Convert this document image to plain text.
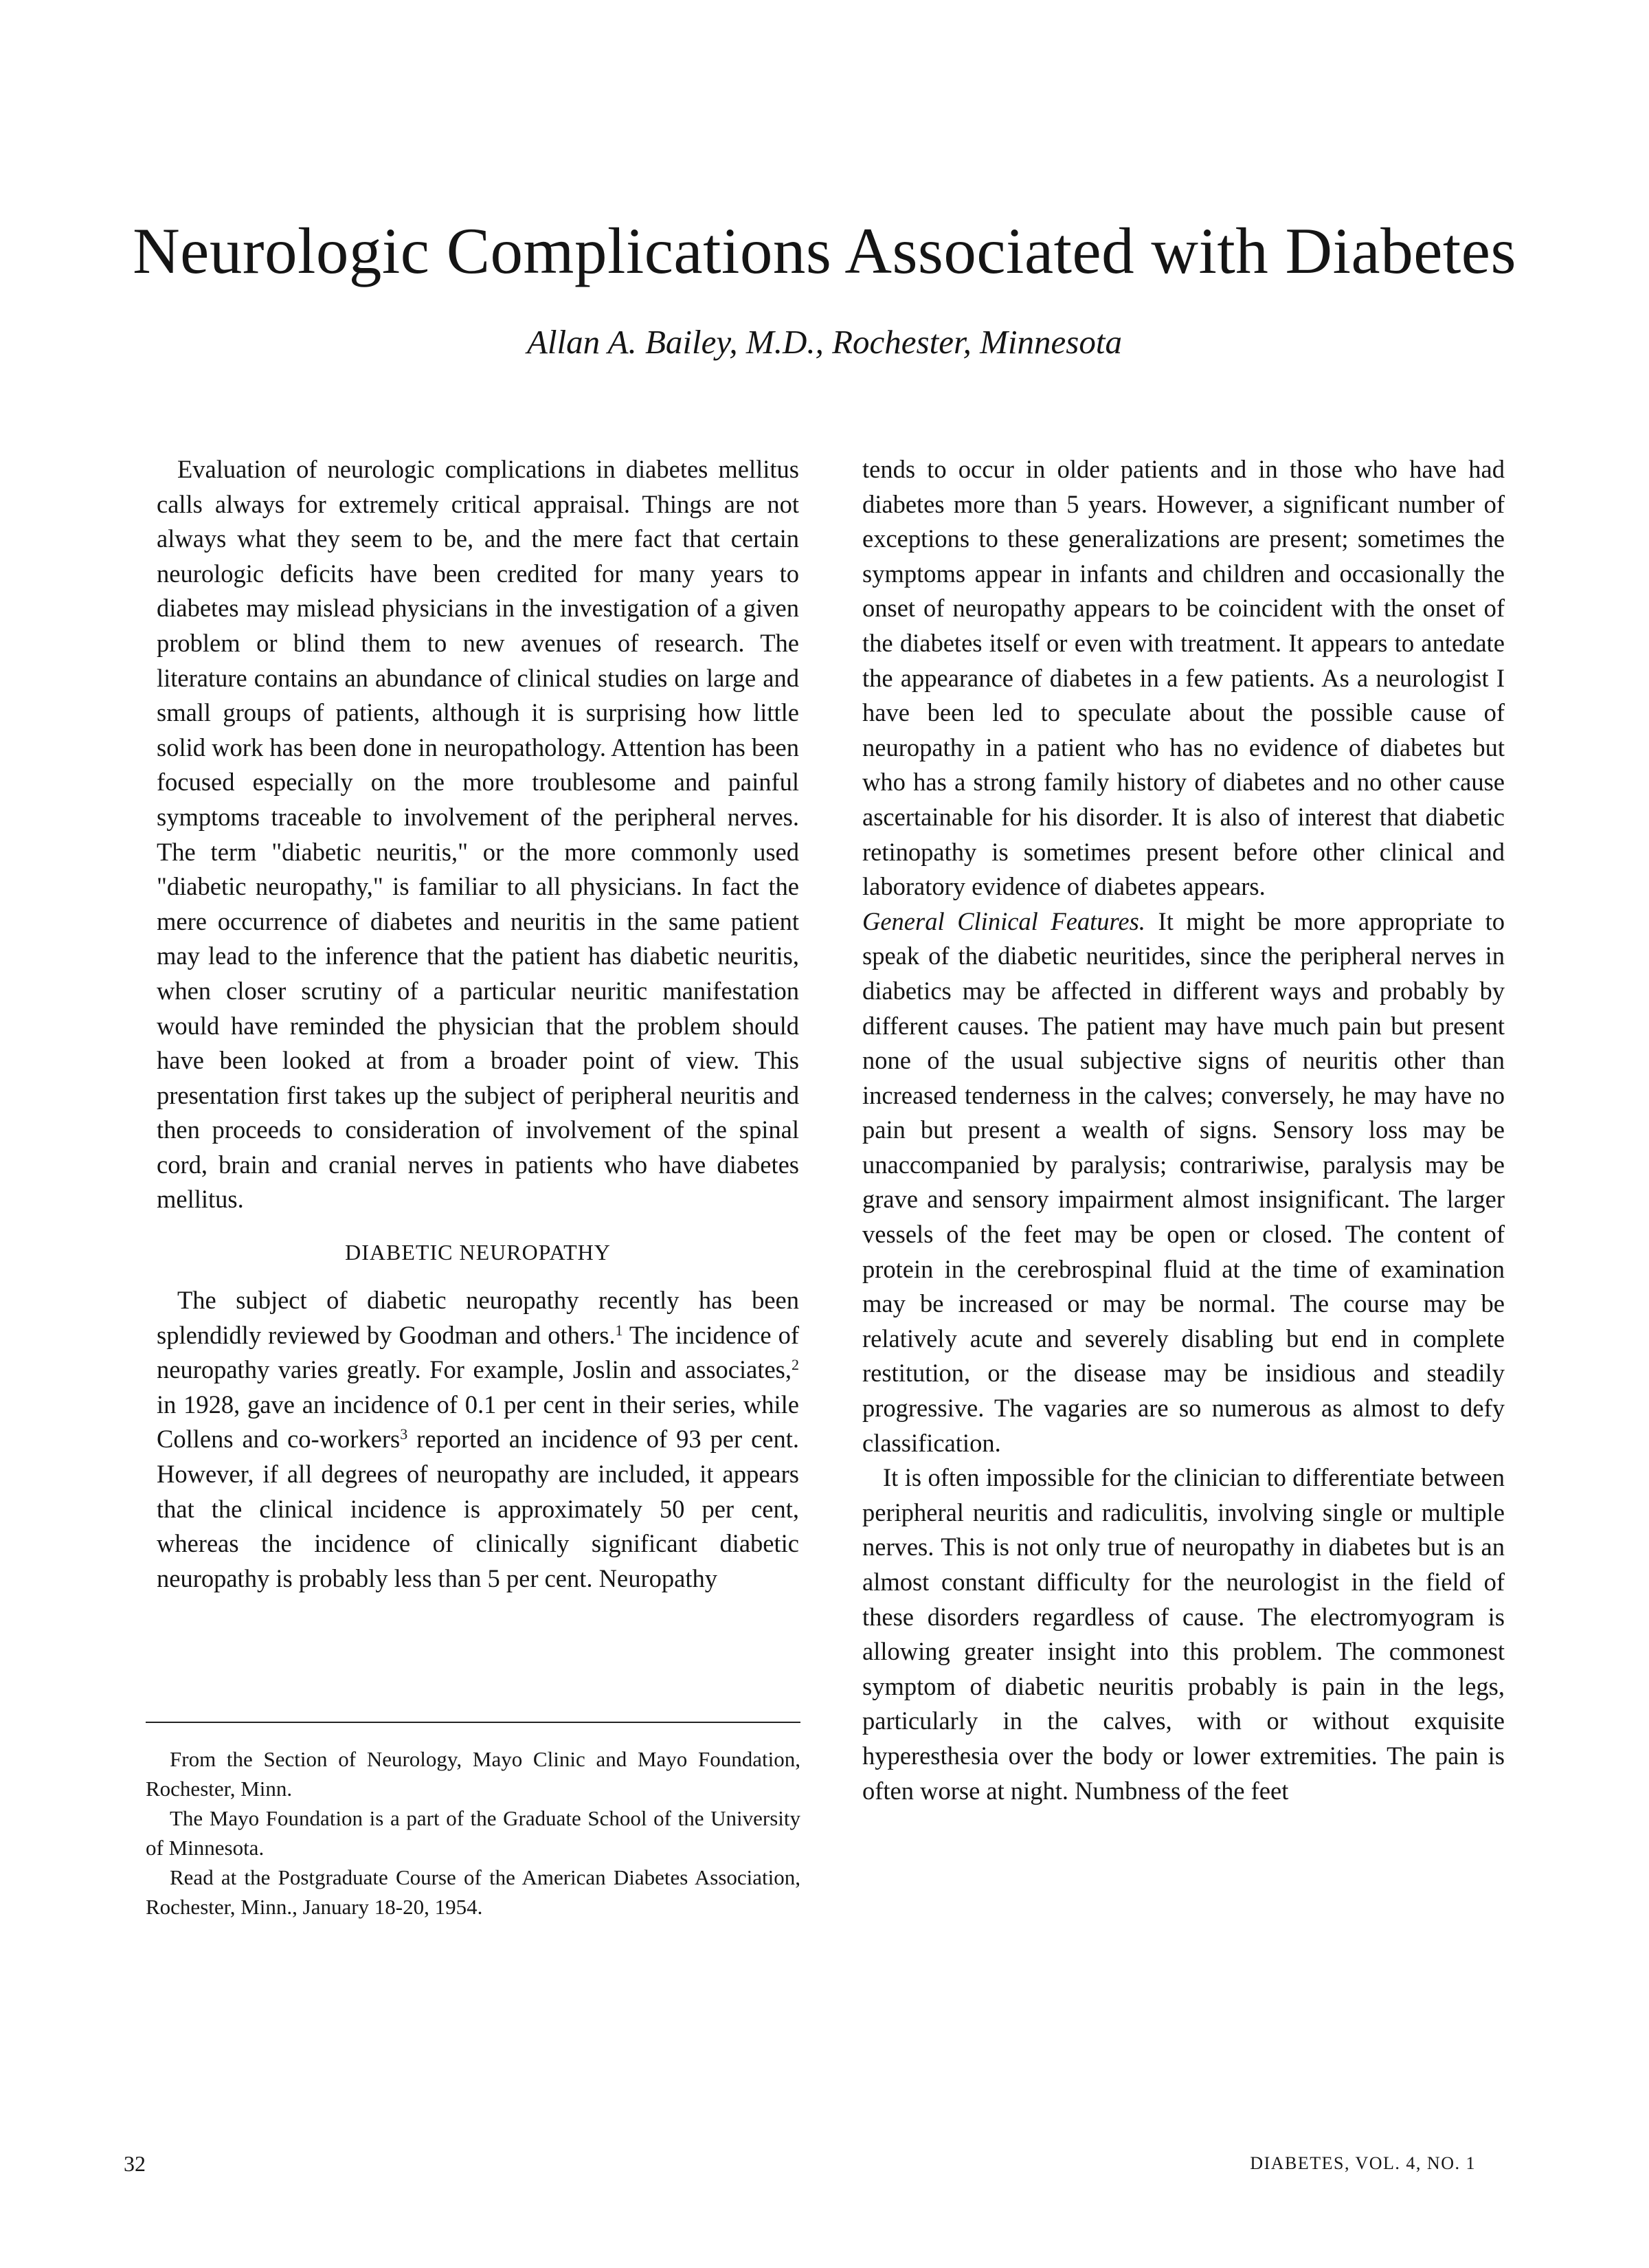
Neurologic Complications Associated with Diabetes
Allan A. Bailey, M.D., Rochester, Minnesota

Evaluation of neurologic complications in diabetes mellitus calls always for extremely critical appraisal. Things are not always what they seem to be, and the mere fact that certain neurologic deficits have been credited for many years to diabetes may mislead physicians in the investigation of a given problem or blind them to new avenues of research. The literature contains an abundance of clinical studies on large and small groups of patients, although it is surprising how little solid work has been done in neuropathology. Attention has been focused especially on the more troublesome and painful symptoms traceable to involvement of the peripheral nerves. The term "diabetic neuritis," or the more commonly used "diabetic neuropathy," is familiar to all physicians. In fact the mere occurrence of diabetes and neuritis in the same patient may lead to the inference that the patient has diabetic neuritis, when closer scrutiny of a particular neuritic manifestation would have reminded the physician that the problem should have been looked at from a broader point of view. This presentation first takes up the subject of peripheral neuritis and then proceeds to consideration of involvement of the spinal cord, brain and cranial nerves in patients who have diabetes mellitus.

DIABETIC NEUROPATHY

The subject of diabetic neuropathy recently has been splendidly reviewed by Goodman and others.$^1$ The incidence of neuropathy varies greatly. For example, Joslin and associates,$^2$ in 1928, gave an incidence of 0.1 per cent in their series, while Collens and co-workers$^3$ reported an incidence of 93 per cent. However, if all degrees of neuropathy are included, it appears that the clinical incidence is approximately 50 per cent, whereas the incidence of clinically significant diabetic neuropathy is probably less than 5 per cent. Neuropathy

tends to occur in older patients and in those who have had diabetes more than 5 years. However, a significant number of exceptions to these generalizations are present; sometimes the symptoms appear in infants and children and occasionally the onset of neuropathy appears to be coincident with the onset of the diabetes itself or even with treatment. It appears to antedate the appearance of diabetes in a few patients. As a neurologist I have been led to speculate about the possible cause of neuropathy in a patient who has no evidence of diabetes but who has a strong family history of diabetes and no other cause ascertainable for his disorder. It is also of interest that diabetic retinopathy is sometimes present before other clinical and laboratory evidence of diabetes appears.

General Clinical Features. It might be more appropriate to speak of the diabetic neuritides, since the peripheral nerves in diabetics may be affected in different ways and probably by different causes. The patient may have much pain but present none of the usual subjective signs of neuritis other than increased tenderness in the calves; conversely, he may have no pain but present a wealth of signs. Sensory loss may be unaccompanied by paralysis; contrariwise, paralysis may be grave and sensory impairment almost insignificant. The larger vessels of the feet may be open or closed. The content of protein in the cerebrospinal fluid at the time of examination may be increased or may be normal. The course may be relatively acute and severely disabling but end in complete restitution, or the disease may be insidious and steadily progressive. The vagaries are so numerous as almost to defy classification.

It is often impossible for the clinician to differentiate between peripheral neuritis and radiculitis, involving single or multiple nerves. This is not only true of neuropathy in diabetes but is an almost constant difficulty for the neurologist in the field of these disorders regardless of cause. The electromyogram is allowing greater insight into this problem. The commonest symptom of diabetic neuritis probably is pain in the legs, particularly in the calves, with or without exquisite hyperesthesia over the body or lower extremities. The pain is often worse at night. Numbness of the feet

From the Section of Neurology, Mayo Clinic and Mayo Foundation, Rochester, Minn.

The Mayo Foundation is a part of the Graduate School of the University of Minnesota.

Read at the Postgraduate Course of the American Diabetes Association, Rochester, Minn., January 18-20, 1954.

32	DIABETES, VOL. 4, NO. 1
